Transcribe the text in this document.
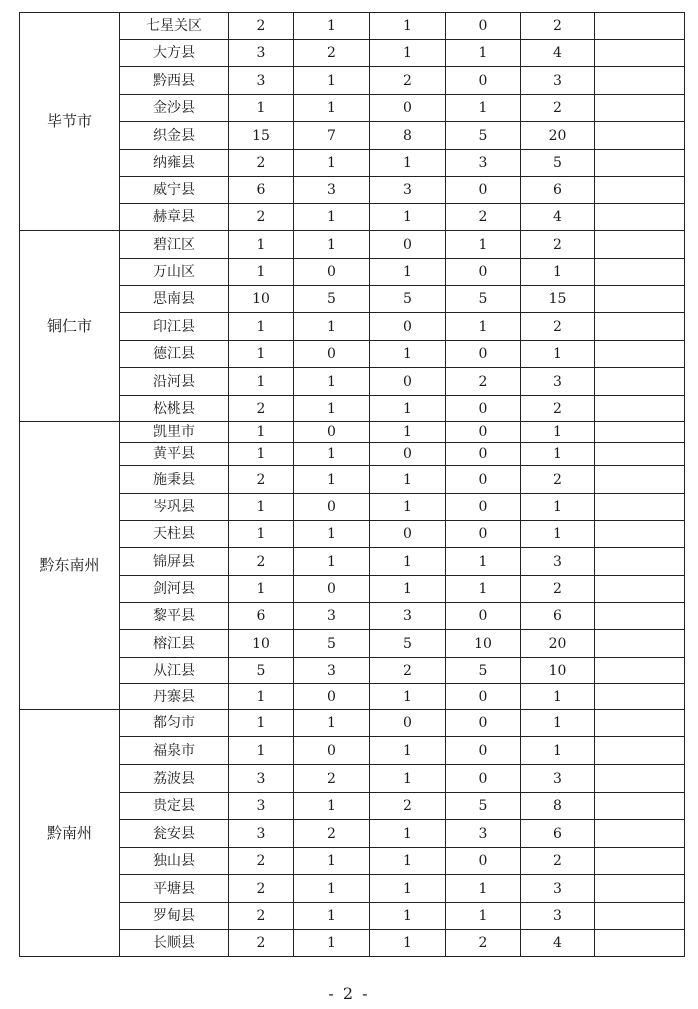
毕节市	七星关区	2	1	1	0	2	
	大方县	3	2	1	1	4	
	黔西县	3	1	2	0	3	
	金沙县	1	1	0	1	2	
	织金县	15	7	8	5	20	
	纳雍县	2	1	1	3	5	
	威宁县	6	3	3	0	6	
	赫章县	2	1	1	2	4	
铜仁市	碧江区	1	1	0	1	2	
	万山区	1	0	1	0	1	
	思南县	10	5	5	5	15	
	印江县	1	1	0	1	2	
	德江县	1	0	1	0	1	
	沿河县	1	1	0	2	3	
	松桃县	2	1	1	0	2	
黔东南州	凯里市	1	0	1	0	1	
	黄平县	1	1	0	0	1	
	施秉县	2	1	1	0	2	
	岑巩县	1	0	1	0	1	
	天柱县	1	1	0	0	1	
	锦屏县	2	1	1	1	3	
	剑河县	1	0	1	1	2	
	黎平县	6	3	3	0	6	
	榕江县	10	5	5	10	20	
	从江县	5	3	2	5	10	
	丹寨县	1	0	1	0	1	
黔南州	都匀市	1	1	0	0	1	
	福泉市	1	0	1	0	1	
	荔波县	3	2	1	0	3	
	贵定县	3	1	2	5	8	
	瓮安县	3	2	1	3	6	
	独山县	2	1	1	0	2	
	平塘县	2	1	1	1	3	
	罗甸县	2	1	1	1	3	
	长顺县	2	1	1	2	4	
- 2 -
